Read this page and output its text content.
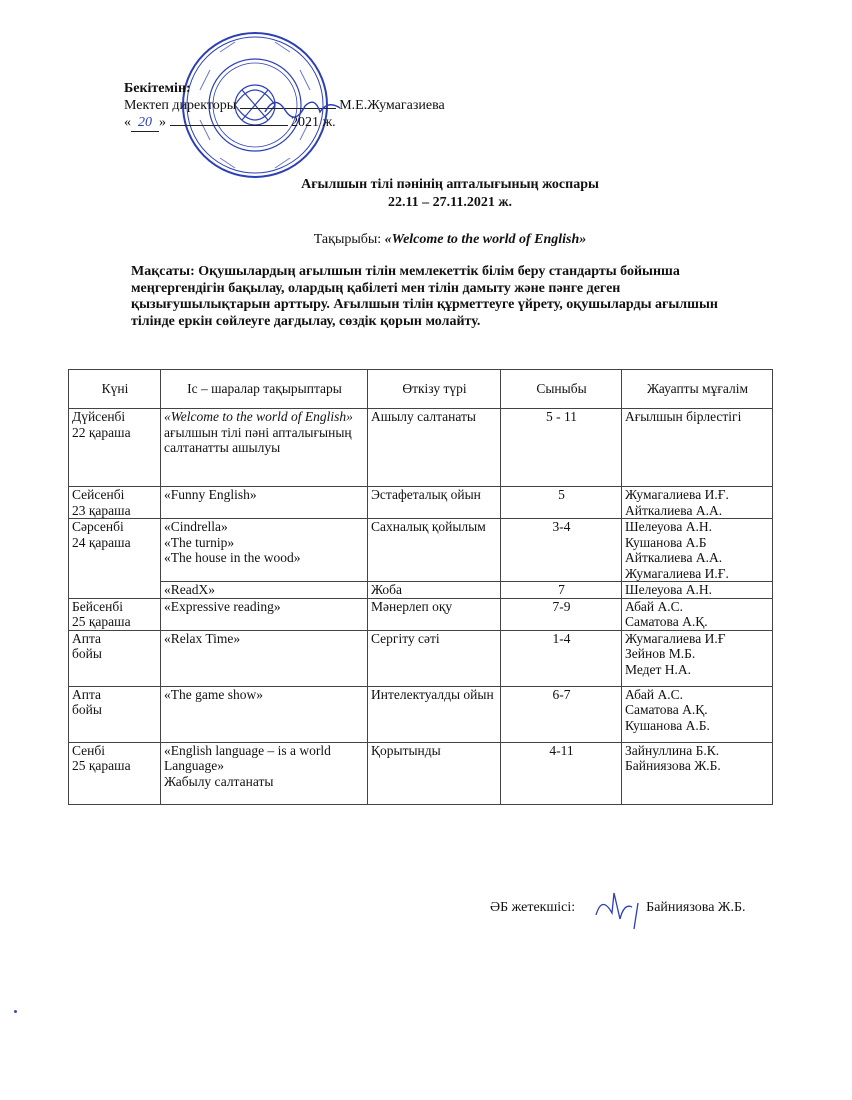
Бекітемін:
Мектеп директоры	М.Е.Жумагазиева
« 20 »	2021 ж.
Ағылшын тілі пәнінің апталығының жоспары
22.11 – 27.11.2021 ж.
Тақырыбы: «Welcome to the world of English»
Мақсаты: Оқушылардың ағылшын тілін мемлекеттік білім беру стандарты бойынша меңгергендігін бақылау, олардың қабілеті мен тілін дамыту және пәнге деген қызығушылықтарын арттыру. Ағылшын тілін құрметтеуге үйрету, оқушыларды ағылшын тілінде еркін сөйлеуге дағдылау, сөздік қорын молайту.
Күні	Іс – шаралар тақырыптары	Өткізу түрі	Сыныбы	Жауапты мұғалім
Дүйсенбі
22 қараша	«Welcome to the world of English» ағылшын тілі пәні апталығының салтанатты ашылуы	Ашылу салтанаты	5 - 11	Ағылшын бірлестігі
Сейсенбі
23 қараша	«Funny English»	Эстафеталық ойын	5	Жумагалиева И.Ғ.
Айткалиева А.А.
Сәрсенбі
24 қараша	«Cindrella»
«The turnip»
«The house in the wood»	Сахналық қойылым	3-4	Шелеуова А.Н.
Кушанова А.Б
Айткалиева А.А.
Жумагалиева И.Ғ.
	«ReadX»	Жоба	7	Шелеуова А.Н.
Бейсенбі
25 қараша	«Expressive reading»	Мәнерлеп оқу	7-9	Абай А.С.
Саматова А.Қ.
Апта
бойы	«Relax Time»	Сергіту сәті	1-4	Жумагалиева И.Ғ
Зейнов М.Б.
Медет Н.А.
Апта
бойы	«The game show»	Интелектуалды ойын	6-7	Абай А.С.
Саматова А.Қ.
Кушанова А.Б.
Сенбі
25 қараша	«English language – is a world Language»
Жабылу салтанаты	Қорытынды	4-11	Зайнуллина Б.К.
Байниязова Ж.Б.
ӘБ жетекшісі:	Байниязова Ж.Б.
